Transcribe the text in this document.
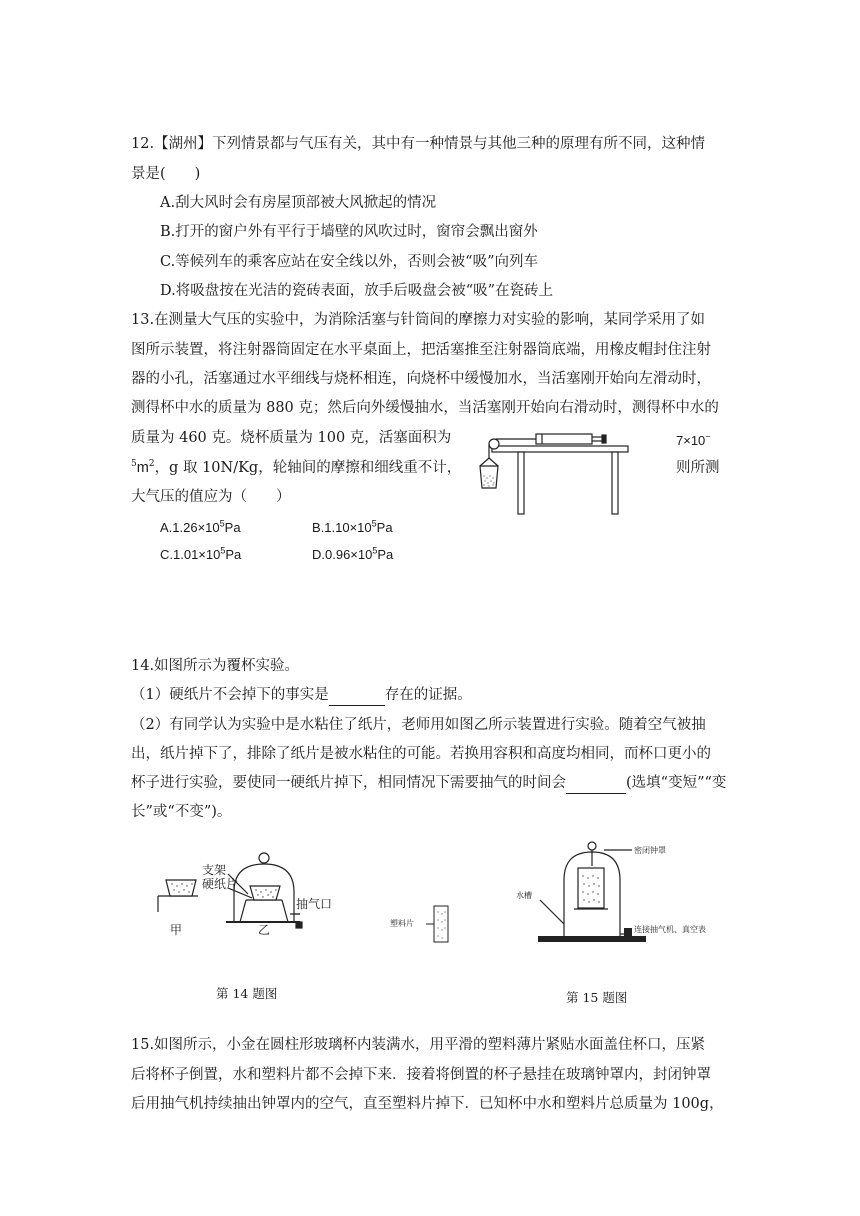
12.【湖州】下列情景都与气压有关，其中有一种情景与其他三种的原理有所不同，这种情
景是(　　)
A.刮大风时会有房屋顶部被大风掀起的情况
B.打开的窗户外有平行于墙壁的风吹过时，窗帘会飘出窗外
C.等候列车的乘客应站在安全线以外，否则会被“吸”向列车
D.将吸盘按在光洁的瓷砖表面，放手后吸盘会被“吸”在瓷砖上
13.在测量大气压的实验中，为消除活塞与针筒间的摩擦力对实验的影响，某同学采用了如
图所示装置，将注射器筒固定在水平桌面上，把活塞推至注射器筒底端，用橡皮帽封住注射
器的小孔，活塞通过水平细线与烧杯相连，向烧杯中缓慢加水，当活塞刚开始向左滑动时，
测得杯中水的质量为 880 克；然后向外缓慢抽水，当活塞刚开始向右滑动时，测得杯中水的
质量为 460 克。烧杯质量为 100 克，活塞面积为	7×10−
$^5m^2$，g 取 10N/Kg，轮轴间的摩擦和细线重不计，	则所测
大气压的值应为（　　）
$A.1.26\times 10^5Pa$	$B.1.10\times 10^5Pa$
$C.1.01\times 10^5Pa$	$D.0.96\times 10^5Pa$
14.如图所示为覆杯实验。
（1）硬纸片不会掉下的事实是	存在的证据。
（2）有同学认为实验中是水粘住了纸片，老师用如图乙所示装置进行实验。随着空气被抽
出，纸片掉下了，排除了纸片是被水粘住的可能。若换用容积和高度均相同，而杯口更小的
杯子进行实验，要使同一硬纸片掉下，相同情况下需要抽气的时间会	(选填“变短”“变
长”或“不变”)。
支架
硬纸片
抽气口
甲	乙
第 14 题图
塑料片
密闭钟罩
水槽
连接抽气机、真空表
第 15 题图
15.如图所示，小金在圆柱形玻璃杯内装满水，用平滑的塑料薄片紧贴水面盖住杯口，压紧
后将杯子倒置，水和塑料片都不会掉下来．接着将倒置的杯子悬挂在玻璃钟罩内，封闭钟罩
后用抽气机持续抽出钟罩内的空气，直至塑料片掉下．已知杯中水和塑料片总质量为 100g，
